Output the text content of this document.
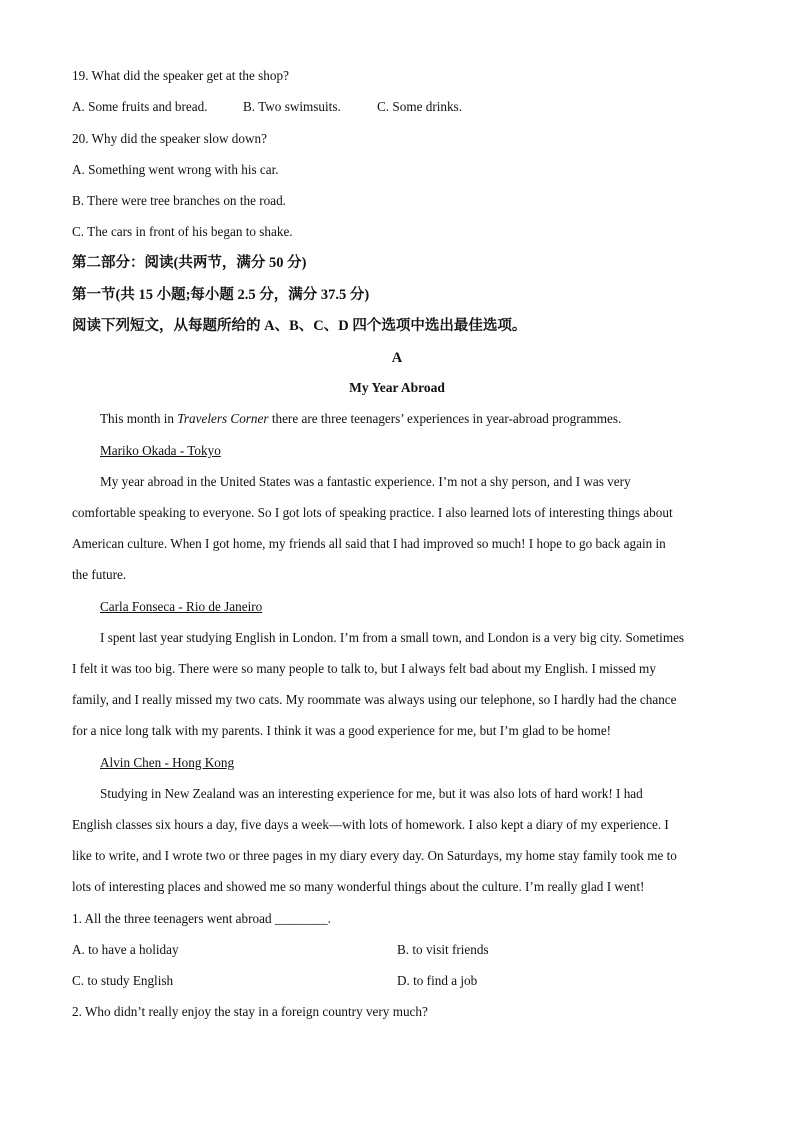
19. What did the speaker get at the shop?
A. Some fruits and bread.	B. Two swimsuits.	C. Some drinks.
20. Why did the speaker slow down?
A. Something went wrong with his car.
B. There were tree branches on the road.
C. The cars in front of his began to shake.
第二部分：阅读(共两节，满分 50 分)
第一节(共 15 小题;每小题 2.5 分，满分 37.5 分)
阅读下列短文，从每题所给的 A、B、C、D 四个选项中选出最佳选项。
A
My Year Abroad
This month in Travelers Corner there are three teenagers’ experiences in year-abroad programmes.
Mariko Okada - Tokyo
My year abroad in the United States was a fantastic experience. I’m not a shy person, and I was very
comfortable speaking to everyone. So I got lots of speaking practice. I also learned lots of interesting things about
American culture. When I got home, my friends all said that I had improved so much! I hope to go back again in
the future.
Carla Fonseca - Rio de Janeiro
I spent last year studying English in London. I’m from a small town, and London is a very big city. Sometimes
I felt it was too big. There were so many people to talk to, but I always felt bad about my English. I missed my
family, and I really missed my two cats. My roommate was always using our telephone, so I hardly had the chance
for a nice long talk with my parents. I think it was a good experience for me, but I’m glad to be home!
Alvin Chen - Hong Kong
Studying in New Zealand was an interesting experience for me, but it was also lots of hard work! I had
English classes six hours a day, five days a week—with lots of homework. I also kept a diary of my experience. I
like to write, and I wrote two or three pages in my diary every day. On Saturdays, my home stay family took me to
lots of interesting places and showed me so many wonderful things about the culture. I’m really glad I went!
1. All the three teenagers went abroad ________.
A. to have a holiday	B. to visit friends
C. to study English	D. to find a job
2. Who didn’t really enjoy the stay in a foreign country very much?
